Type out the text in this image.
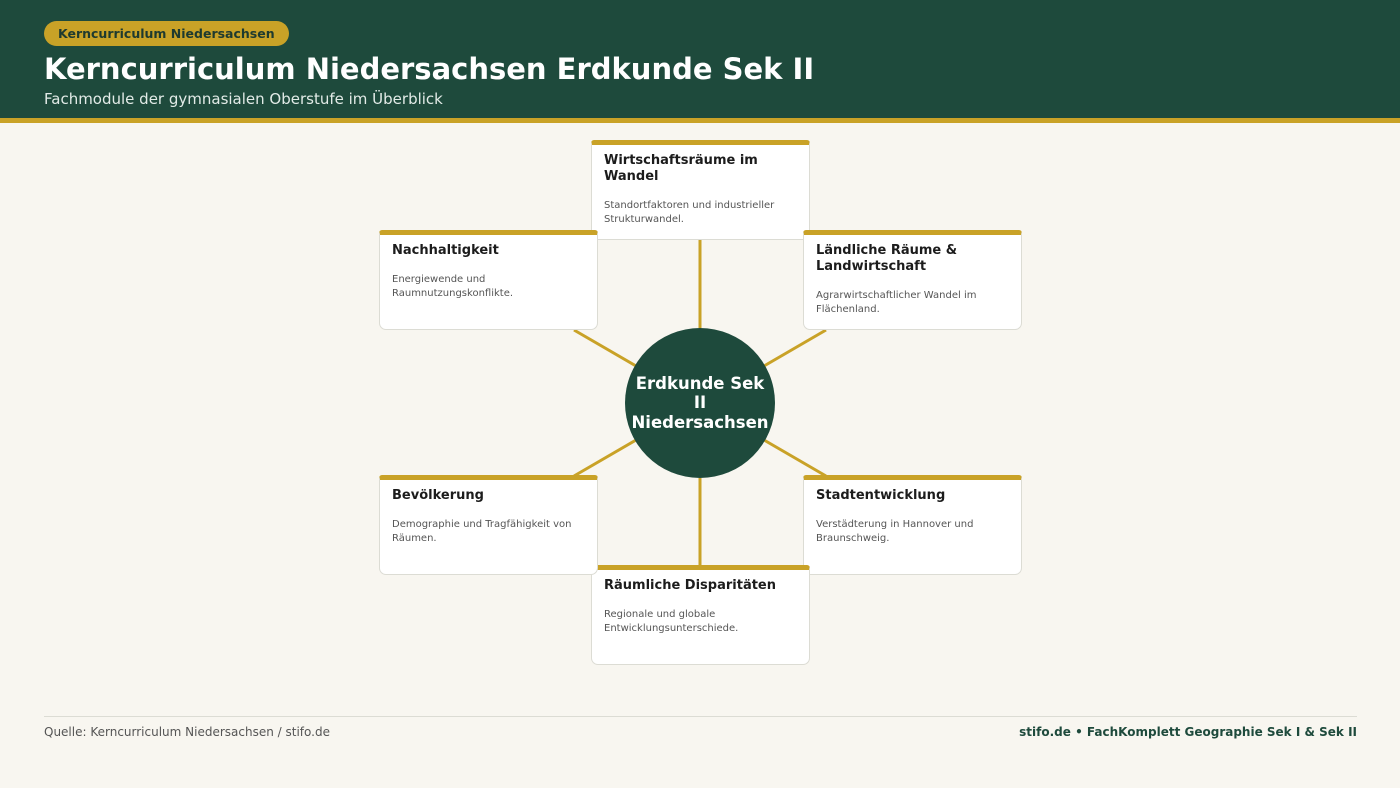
Kerncurriculum Niedersachsen
Kerncurriculum Niedersachsen Erdkunde Sek II
Fachmodule der gymnasialen Oberstufe im Überblick
Erdkunde Sek II Niedersachsen
Wirtschaftsräume im Wandel
Standortfaktoren und industrieller Strukturwandel.
Ländliche Räume & Landwirtschaft
Agrarwirtschaftlicher Wandel im Flächenland.
Stadtentwicklung
Verstädterung in Hannover und Braunschweig.
Räumliche Disparitäten
Regionale und globale Entwicklungsunterschiede.
Bevölkerung
Demographie und Tragfähigkeit von Räumen.
Nachhaltigkeit
Energiewende und Raumnutzungskonflikte.
Quelle: Kerncurriculum Niedersachsen / stifo.de	stifo.de • FachKomplett Geographie Sek I & Sek II
